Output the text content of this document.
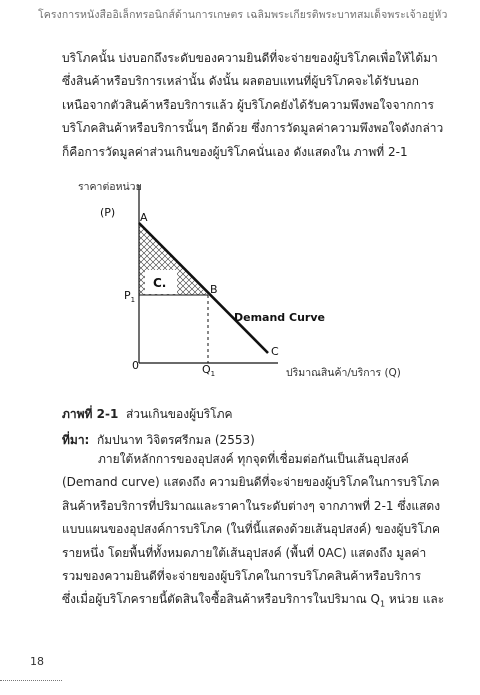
โครงการหนังสืออิเล็กทรอนิกส์ด้านการเกษตร เฉลิมพระเกียรติพระบาทสมเด็จพระเจ้าอยู่หัว
บริโภคนั้น บ่งบอกถึงระดับของความยินดีที่จะจ่ายของผู้บริโภคเพื่อให้ได้มา
ซึ่งสินค้าหรือบริการเหล่านั้น ดังนั้น ผลตอบแทนที่ผู้บริโภคจะได้รับนอก
เหนือจากตัวสินค้าหรือบริการแล้ว ผู้บริโภคยังได้รับความพึงพอใจจากการ
บริโภคสินค้าหรือบริการนั้นๆ อีกด้วย ซึ่งการวัดมูลค่าความพึงพอใจดังกล่าว
ก็คือการวัดมูลค่าส่วนเกินของผู้บริโภคนั่นเอง ดังแสดงใน ภาพที่ 2-1
ราคาต่อหน่วย
(P) A
B
C
$P_1$
0	$Q_1$
C.
Demand Curve
ปริมาณสินค้า/บริการ (Q)
ภาพที่ 2-1 ส่วนเกินของผู้บริโภค
ที่มา: กัมปนาท วิจิตรศรีกมล (2553)
ภายใต้หลักการของอุปสงค์ ทุกจุดที่เชื่อมต่อกันเป็นเส้นอุปสงค์
(Demand curve) แสดงถึง ความยินดีที่จะจ่ายของผู้บริโภคในการบริโภค
สินค้าหรือบริการที่ปริมาณและราคาในระดับต่างๆ จากภาพที่ 2-1 ซึ่งแสดง
แบบแผนของอุปสงค์การบริโภค (ในที่นี้แสดงด้วยเส้นอุปสงค์) ของผู้บริโภค
รายหนึ่ง โดยพื้นที่ทั้งหมดภายใต้เส้นอุปสงค์ (พื้นที่ 0AC) แสดงถึง มูลค่า
รวมของความยินดีที่จะจ่ายของผู้บริโภคในการบริโภคสินค้าหรือบริการ
ซึ่งเมื่อผู้บริโภครายนี้ตัดสินใจซื้อสินค้าหรือบริการในปริมาณ $Q_1$ หน่วย และ
18
